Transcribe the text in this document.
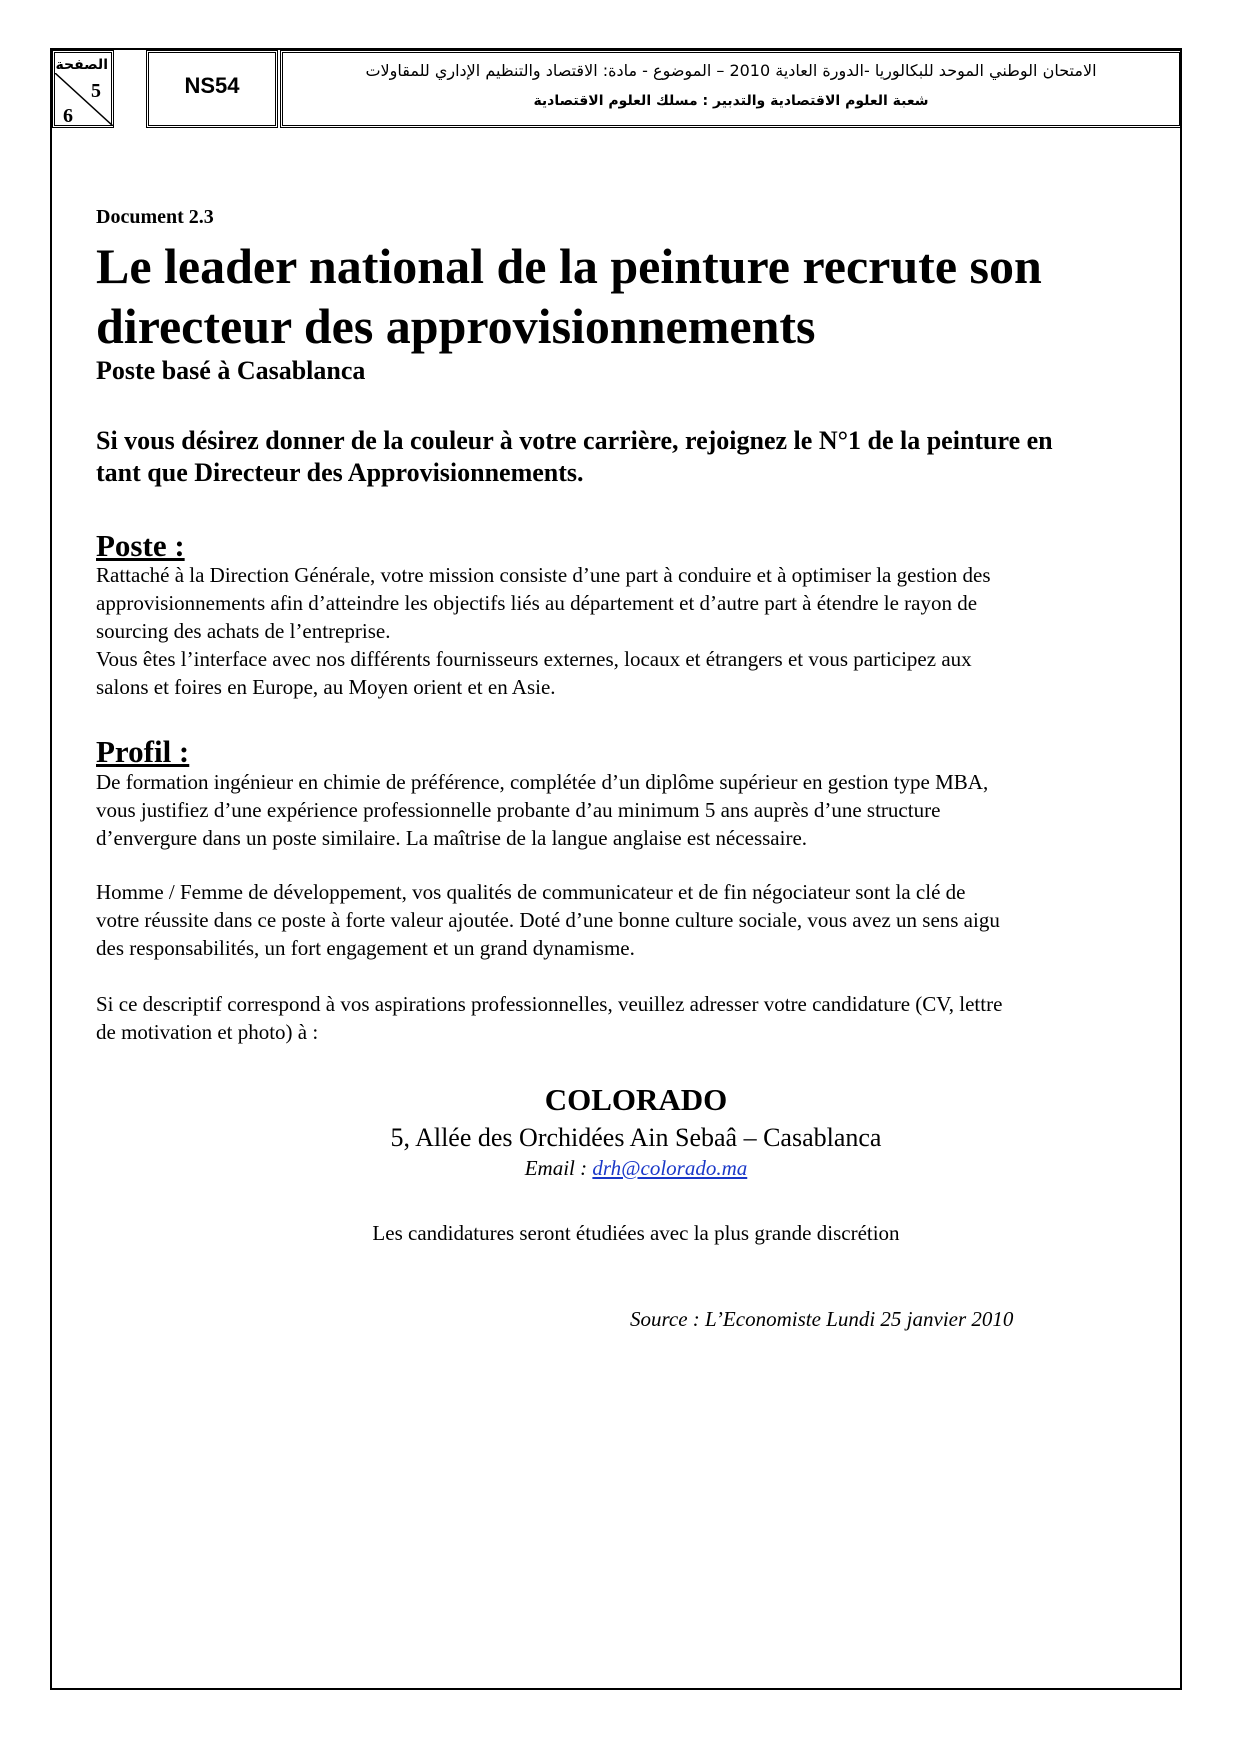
الصفحة
5
6
NS54
الامتحان الوطني الموحد للبكالوريا -الدورة العادية 2010 – الموضوع - مادة: الاقتصاد والتنظيم الإداري للمقاولات
شعبة العلوم الاقتصادية والتدبير : مسلك العلوم الاقتصادية
Document 2.3
Le leader national de la peinture recrute son
directeur des approvisionnements
Poste basé à Casablanca
Si vous désirez donner de la couleur à votre carrière, rejoignez le N°1 de la peinture en
tant que Directeur des Approvisionnements.
Poste :

Rattaché à la Direction Générale, votre mission consiste d’une part à conduire et à optimiser la gestion des

approvisionnements afin d’atteindre les objectifs liés au département et d’autre part à étendre le rayon de

sourcing des achats de l’entreprise.

Vous êtes l’interface avec nos différents fournisseurs externes, locaux et étrangers et vous participez aux

salons et foires en Europe, au Moyen orient et en Asie.

Profil :

De formation ingénieur en chimie de préférence, complétée d’un diplôme supérieur en gestion type MBA,

vous justifiez d’une expérience professionnelle probante d’au minimum 5 ans auprès d’une structure

d’envergure dans un poste similaire. La maîtrise de la langue anglaise est nécessaire.

Homme / Femme de développement, vos qualités de communicateur et de fin négociateur sont la clé de

votre réussite dans ce poste à forte valeur ajoutée. Doté d’une bonne culture sociale, vous avez un sens aigu

des responsabilités, un fort engagement et un grand dynamisme.

Si ce descriptif correspond à vos aspirations professionnelles, veuillez adresser votre candidature (CV, lettre

de motivation et photo) à :

COLORADO
5, Allée des Orchidées Ain Sebaâ – Casablanca
Email : drh@colorado.ma
Les candidatures seront étudiées avec la plus grande discrétion
Source : L’Economiste Lundi 25 janvier 2010
